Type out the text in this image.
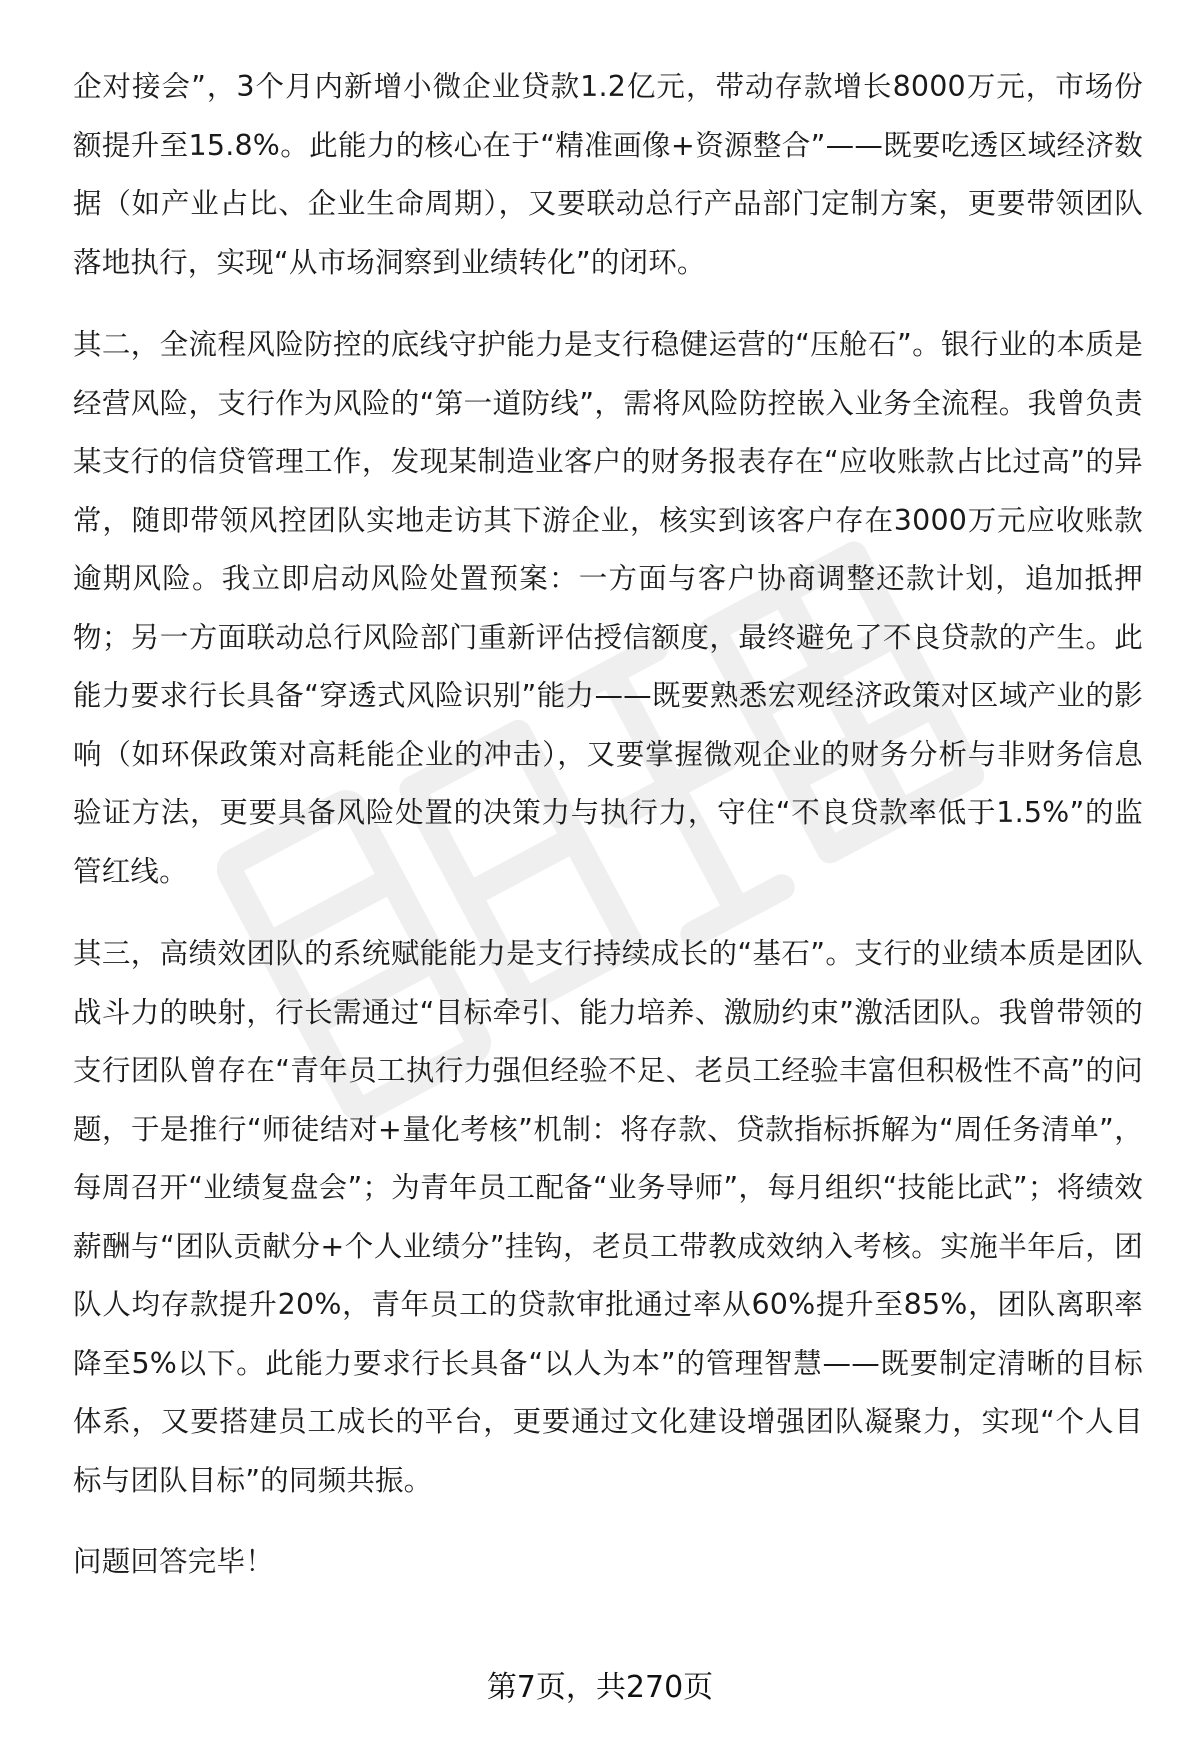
企对接会”，3个月内新增小微企业贷款1.2亿元，带动存款增长8000万元，市场份额提升至15.8%。此能力的核心在于“精准画像+资源整合”——既要吃透区域经济数据（如产业占比、企业生命周期），又要联动总行产品部门定制方案，更要带领团队落地执行，实现“从市场洞察到业绩转化”的闭环。

其二，全流程风险防控的底线守护能力是支行稳健运营的“压舱石”。银行业的本质是经营风险，支行作为风险的“第一道防线”，需将风险防控嵌入业务全流程。我曾负责某支行的信贷管理工作，发现某制造业客户的财务报表存在“应收账款占比过高”的异常，随即带领风控团队实地走访其下游企业，核实到该客户存在3000万元应收账款逾期风险。我立即启动风险处置预案：一方面与客户协商调整还款计划，追加抵押物；另一方面联动总行风险部门重新评估授信额度，最终避免了不良贷款的产生。此能力要求行长具备“穿透式风险识别”能力——既要熟悉宏观经济政策对区域产业的影响（如环保政策对高耗能企业的冲击），又要掌握微观企业的财务分析与非财务信息验证方法，更要具备风险处置的决策力与执行力，守住“不良贷款率低于1.5%”的监管红线。

其三，高绩效团队的系统赋能能力是支行持续成长的“基石”。支行的业绩本质是团队战斗力的映射，行长需通过“目标牵引、能力培养、激励约束”激活团队。我曾带领的支行团队曾存在“青年员工执行力强但经验不足、老员工经验丰富但积极性不高”的问题，于是推行“师徒结对+量化考核”机制：将存款、贷款指标拆解为“周任务清单”，每周召开“业绩复盘会”；为青年员工配备“业务导师”，每月组织“技能比武”；将绩效薪酬与“团队贡献分+个人业绩分”挂钩，老员工带教成效纳入考核。实施半年后，团队人均存款提升20%，青年员工的贷款审批通过率从60%提升至85%，团队离职率降至5%以下。此能力要求行长具备“以人为本”的管理智慧——既要制定清晰的目标体系，又要搭建员工成长的平台，更要通过文化建设增强团队凝聚力，实现“个人目标与团队目标”的同频共振。

问题回答完毕！

第7页，共270页
